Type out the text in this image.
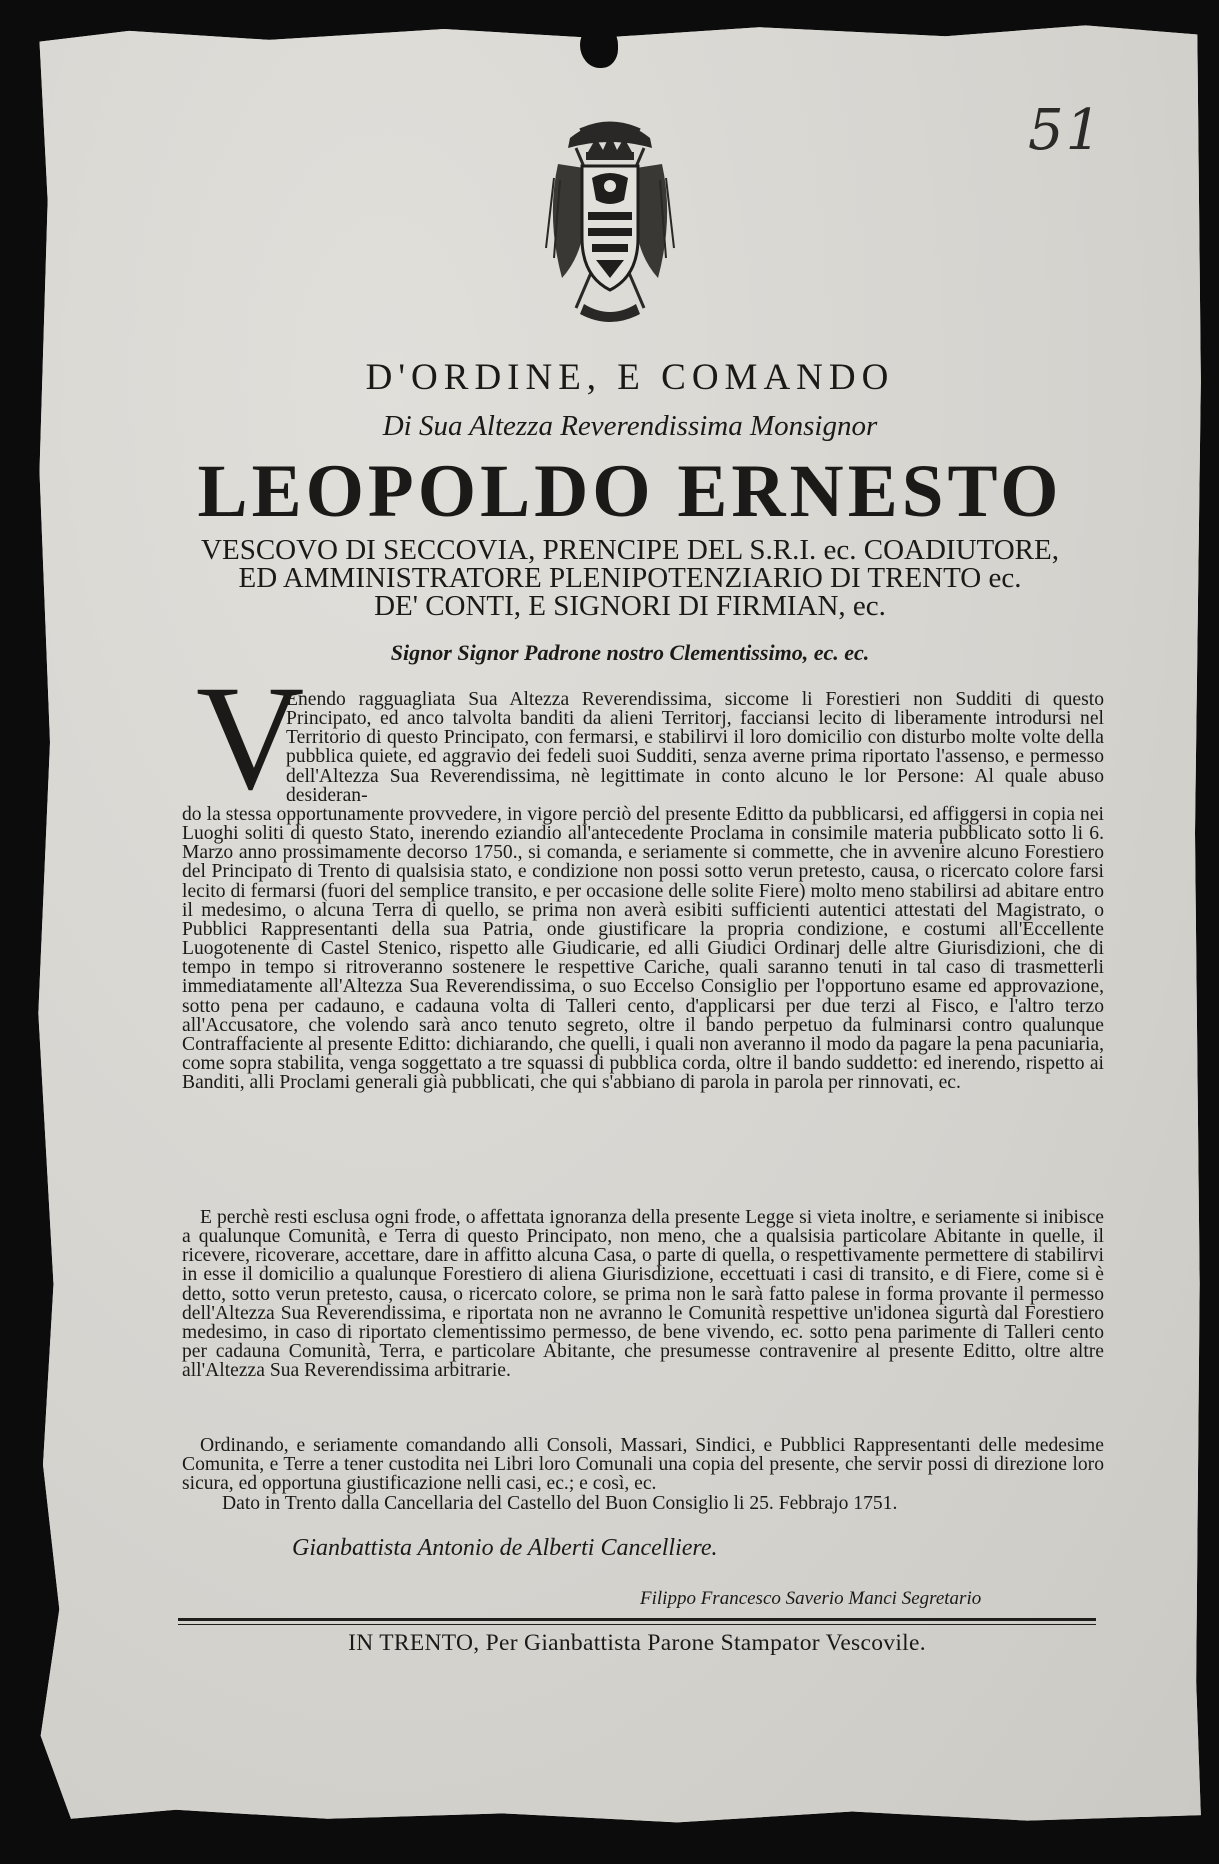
51
D'ORDINE, E COMANDO
Di Sua Altezza Reverendissima Monsignor
LEOPOLDO ERNESTO
VESCOVO DI SECCOVIA, PRENCIPE DEL S.R.I. ec. COADIUTORE,
ED AMMINISTRATORE PLENIPOTENZIARIO DI TRENTO ec.
DE' CONTI, E SIGNORI DI FIRMIAN, ec.
Signor Signor Padrone nostro Clementissimo, ec. ec.
V

Enendo ragguagliata Sua Altezza Reverendissima, siccome li Forestieri non Sudditi di questo Principato, ed anco talvolta banditi da alieni Territorj, facciansi lecito di liberamente introdursi nel Territorio di questo Principato, con fermarsi, e stabilirvi il loro domicilio con disturbo molte volte della pubblica quiete, ed aggravio dei fedeli suoi Sudditi, senza averne prima riportato l'assenso, e permesso dell'Altezza Sua Reverendissima, nè legittimate in conto alcuno le lor Persone: Al quale abuso desideran-

do la stessa opportunamente provvedere, in vigore perciò del presente Editto da pubblicarsi, ed affiggersi in copia nei Luoghi soliti di questo Stato, inerendo eziandio all'antecedente Proclama in consimile materia pubblicato sotto li 6. Marzo anno prossimamente decorso 1750., si comanda, e seriamente si commette, che in avvenire alcuno Forestiero del Principato di Trento di qualsisia stato, e condizione non possi sotto verun pretesto, causa, o ricercato colore farsi lecito di fermarsi (fuori del semplice transito, e per occasione delle solite Fiere) molto meno stabilirsi ad abitare entro il medesimo, o alcuna Terra di quello, se prima non averà esibiti sufficienti autentici attestati del Magistrato, o Pubblici Rappresentanti della sua Patria, onde giustificare la propria condizione, e costumi all'Eccellente Luogotenente di Castel Stenico, rispetto alle Giudicarie, ed alli Giudici Ordinarj delle altre Giurisdizioni, che di tempo in tempo si ritroveranno sostenere le respettive Cariche, quali saranno tenuti in tal caso di trasmetterli immediatamente all'Altezza Sua Reverendissima, o suo Eccelso Consiglio per l'opportuno esame ed approvazione, sotto pena per cadauno, e cadauna volta di Talleri cento, d'applicarsi per due terzi al Fisco, e l'altro terzo all'Accusatore, che volendo sarà anco tenuto segreto, oltre il bando perpetuo da fulminarsi contro qualunque Contraffaciente al presente Editto: dichiarando, che quelli, i quali non averanno il modo da pagare la pena pacuniaria, come sopra stabilita, venga soggettato a tre squassi di pubblica corda, oltre il bando suddetto: ed inerendo, rispetto ai Banditi, alli Proclami generali già pubblicati, che qui s'abbiano di parola in parola per rinnovati, ec.

E perchè resti esclusa ogni frode, o affettata ignoranza della presente Legge si vieta inoltre, e seriamente si inibisce a qualunque Comunità, e Terra di questo Principato, non meno, che a qualsisia particolare Abitante in quelle, il ricevere, ricoverare, accettare, dare in affitto alcuna Casa, o parte di quella, o respettivamente permettere di stabilirvi in esse il domicilio a qualunque Forestiero di aliena Giurisdizione, eccettuati i casi di transito, e di Fiere, come si è detto, sotto verun pretesto, causa, o ricercato colore, se prima non le sarà fatto palese in forma provante il permesso dell'Altezza Sua Reverendissima, e riportata non ne avranno le Comunità respettive un'idonea sigurtà dal Forestiero medesimo, in caso di riportato clementissimo permesso, de bene vivendo, ec. sotto pena parimente di Talleri cento per cadauna Comunità, Terra, e particolare Abitante, che presumesse contravenire al presente Editto, oltre altre all'Altezza Sua Reverendissima arbitrarie.

Ordinando, e seriamente comandando alli Consoli, Massari, Sindici, e Pubblici Rappresentanti delle medesime Comunita, e Terre a tener custodita nei Libri loro Comunali una copia del presente, che servir possi di direzione loro sicura, ed opportuna giustificazione nelli casi, ec.; e così, ec.

Dato in Trento dalla Cancellaria del Castello del Buon Consiglio li 25. Febbrajo 1751.

Gianbattista Antonio de Alberti Cancelliere.
Filippo Francesco Saverio Manci Segretario
IN TRENTO, Per Gianbattista Parone Stampator Vescovile.
